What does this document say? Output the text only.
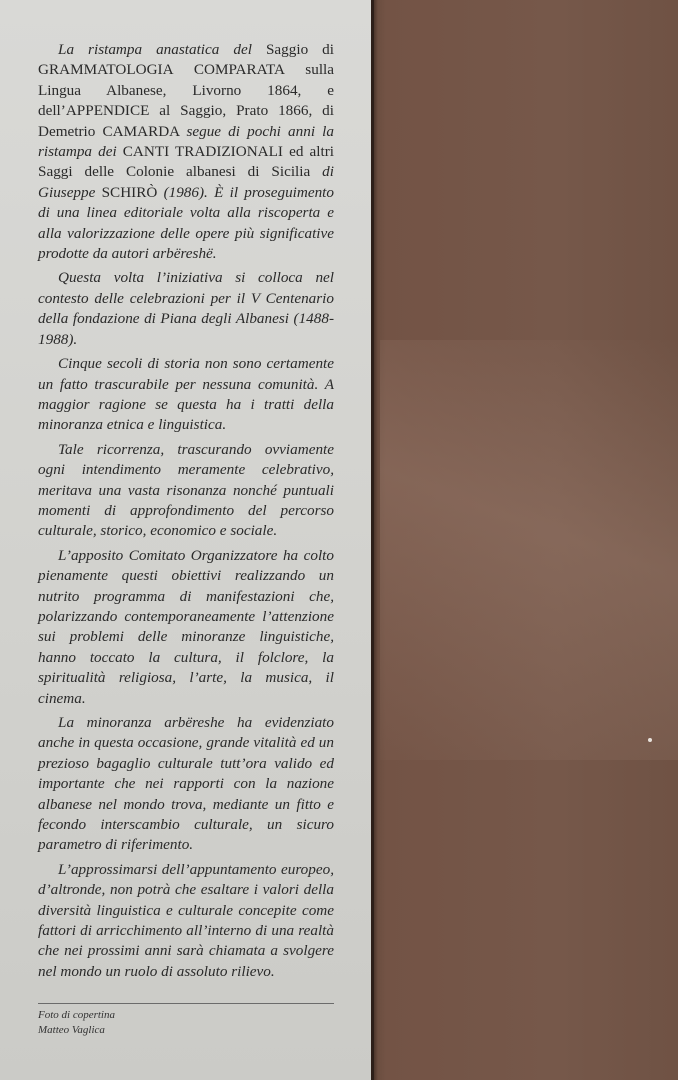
La ristampa anastatica del Saggio di GRAMMATOLOGIA COMPARATA sulla Lingua Albanese, Livorno 1864, e dell’APPENDICE al Saggio, Prato 1866, di Demetrio CAMARDA segue di pochi anni la ristampa dei CANTI TRADIZIONALI ed altri Saggi delle Colonie albanesi di Sicilia di Giuseppe SCHIRÒ (1986). È il proseguimento di una linea editoriale volta alla riscoperta e alla valorizzazione delle opere più significative prodotte da autori arbëreshë.

Questa volta l’iniziativa si colloca nel contesto delle celebrazioni per il V Centenario della fondazione di Piana degli Albanesi (1488-1988).

Cinque secoli di storia non sono certamente un fatto trascurabile per nessuna comunità. A maggior ragione se questa ha i tratti della minoranza etnica e linguistica.

Tale ricorrenza, trascurando ovviamente ogni intendimento meramente celebrativo, meritava una vasta risonanza nonché puntuali momenti di approfondimento del percorso culturale, storico, economico e sociale.

L’apposito Comitato Organizzatore ha colto pienamente questi obiettivi realizzando un nutrito programma di manifestazioni che, polarizzando contemporaneamente l’attenzione sui problemi delle minoranze linguistiche, hanno toccato la cultura, il folclore, la spiritualità religiosa, l’arte, la musica, il cinema.

La minoranza arbëreshe ha evidenziato anche in questa occasione, grande vitalità ed un prezioso bagaglio culturale tutt’ora valido ed importante che nei rapporti con la nazione albanese nel mondo trova, mediante un fitto e fecondo interscambio culturale, un sicuro parametro di riferimento.

L’approssimarsi dell’appuntamento europeo, d’altronde, non potrà che esaltare i valori della diversità linguistica e culturale concepite come fattori di arricchimento all’interno di una realtà che nei prossimi anni sarà chiamata a svolgere nel mondo un ruolo di assoluto rilievo.

Foto di copertina
Matteo Vaglica
